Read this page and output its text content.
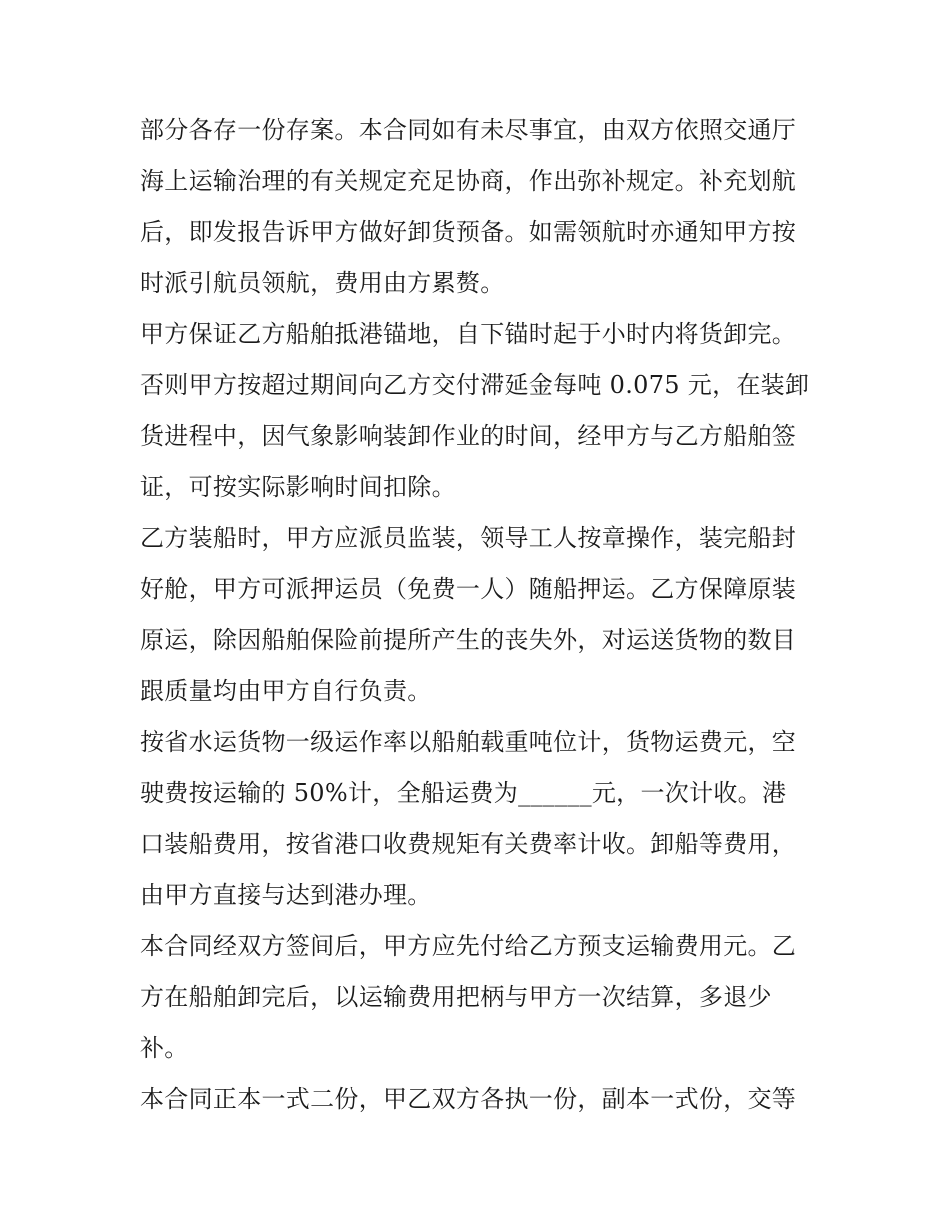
部分各存一份存案。本合同如有未尽事宜，由双方依照交通厅
海上运输治理的有关规定充足协商，作出弥补规定。补充划航
后，即发报告诉甲方做好卸货预备。如需领航时亦通知甲方按
时派引航员领航，费用由方累赘。
甲方保证乙方船舶抵港锚地，自下锚时起于小时内将货卸完。
否则甲方按超过期间向乙方交付滞延金每吨 0.075 元，在装卸
货进程中，因气象影响装卸作业的时间，经甲方与乙方船舶签
证，可按实际影响时间扣除。
乙方装船时，甲方应派员监装，领导工人按章操作，装完船封
好舱，甲方可派押运员（免费一人）随船押运。乙方保障原装
原运，除因船舶保险前提所产生的丧失外，对运送货物的数目
跟质量均由甲方自行负责。
按省水运货物一级运作率以船舶载重吨位计，货物运费元，空
驶费按运输的 50%计，全船运费为______元，一次计收。港
口装船费用，按省港口收费规矩有关费率计收。卸船等费用，
由甲方直接与达到港办理。
本合同经双方签间后，甲方应先付给乙方预支运输费用元。乙
方在船舶卸完后，以运输费用把柄与甲方一次结算，多退少
补。
本合同正本一式二份，甲乙双方各执一份，副本一式份，交等
